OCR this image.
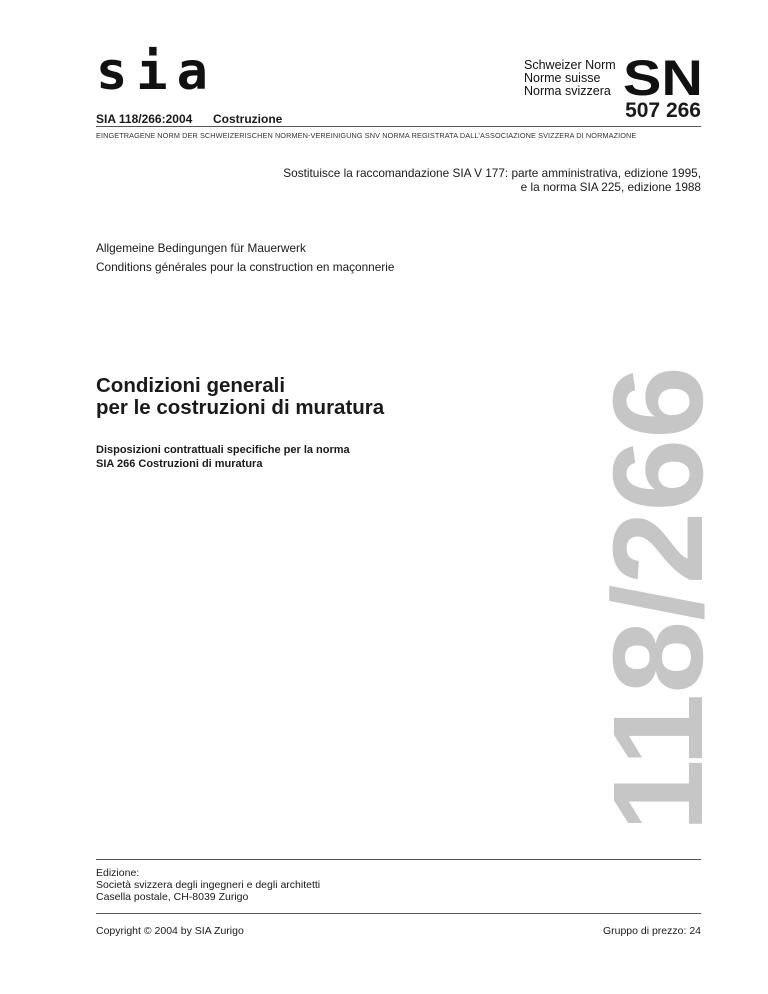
sia
SIA 118/266:2004 Costruzione
Schweizer Norm
Norme suisse
Norma svizzera SN
507 266
EINGETRAGENE NORM DER SCHWEIZERISCHEN NORMEN-VEREINIGUNG SNV NORMA REGISTRATA DALL'ASSOCIAZIONE SVIZZERA DI NORMAZIONE
Sostituisce la raccomandazione SIA V 177: parte amministrativa, edizione 1995,
e la norma SIA 225, edizione 1988
Allgemeine Bedingungen für Mauerwerk
Conditions générales pour la construction en maçonnerie
Condizioni generali
per le costruzioni di muratura
Disposizioni contrattuali specifiche per la norma
SIA 266 Costruzioni di muratura	118/266
Edizione:
Società svizzera degli ingegneri e degli architetti
Casella postale, CH-8039 Zurigo
Copyright © 2004 by SIA Zurigo	Gruppo di prezzo: 24
